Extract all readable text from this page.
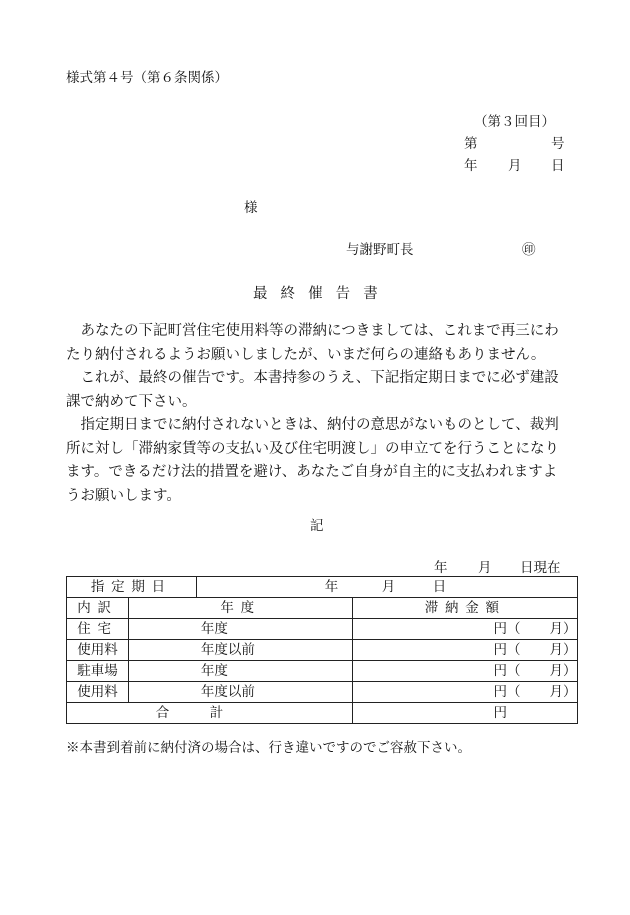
様式第４号（第６条関係）
（第３回目）
第	号
年 月 日
様
与謝野町長	㊞
最終催告書

あなたの下記町営住宅使用料等の滞納につきましては、これまで再三にわたり納付されるようお願いしましたが、いまだ何らの連絡もありません。

これが、最終の催告です。本書持参のうえ、下記指定期日までに必ず建設課で納めて下さい。

指定期日までに納付されないときは、納付の意思がないものとして、裁判所に対し「滞納家賃等の支払い及び住宅明渡し」の申立てを行うことになります。できるだけ法的措置を避け、あなたご自身が自主的に支払われますようお願いします。

記
年 月 日現在
指定期日		年 月 日	

内訳	年度		滞納金額
住宅	年度		円（ 月）

使用料	年度以前		円（ 月）

駐車場	年度		円（ 月）

使用料	年度以前		円（ 月）

合計			円
※本書到着前に納付済の場合は、行き違いですのでご容赦下さい。
